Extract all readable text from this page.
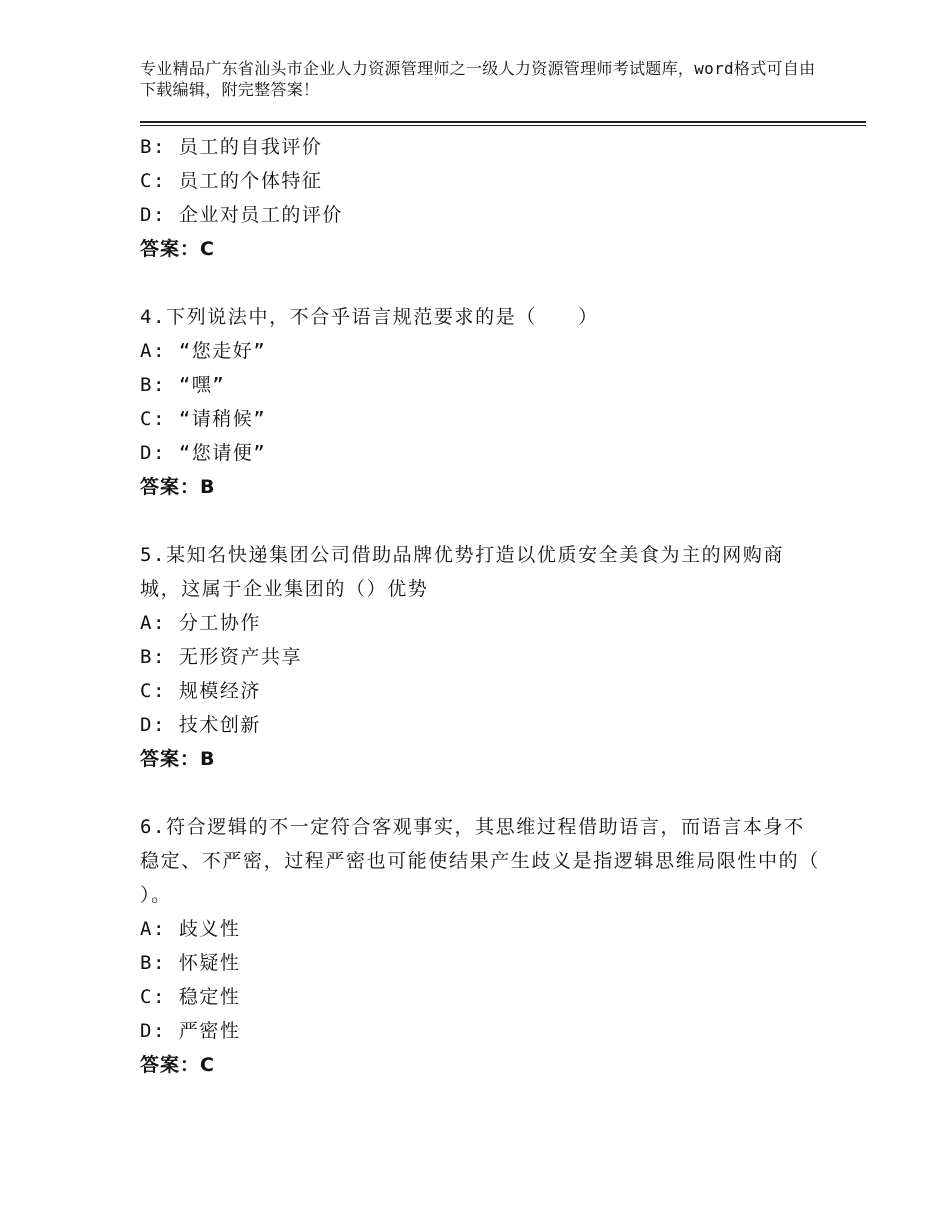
专业精品广东省汕头市企业人力资源管理师之一级人力资源管理师考试题库，word格式可自由下载编辑，附完整答案！
B: 员工的自我评价
C: 员工的个体特征
D: 企业对员工的评价
答案：C
4.下列说法中，不合乎语言规范要求的是（　　）
A: “您走好”
B: “嘿”
C: “请稍候”
D: “您请便”
答案：B
5.某知名快递集团公司借助品牌优势打造以优质安全美食为主的网购商城，这属于企业集团的（）优势
A: 分工协作
B: 无形资产共享
C: 规模经济
D: 技术创新
答案：B
6.符合逻辑的不一定符合客观事实，其思维过程借助语言，而语言本身不稳定、不严密，过程严密也可能使结果产生歧义是指逻辑思维局限性中的（ ）。
A: 歧义性
B: 怀疑性
C: 稳定性
D: 严密性
答案：C
